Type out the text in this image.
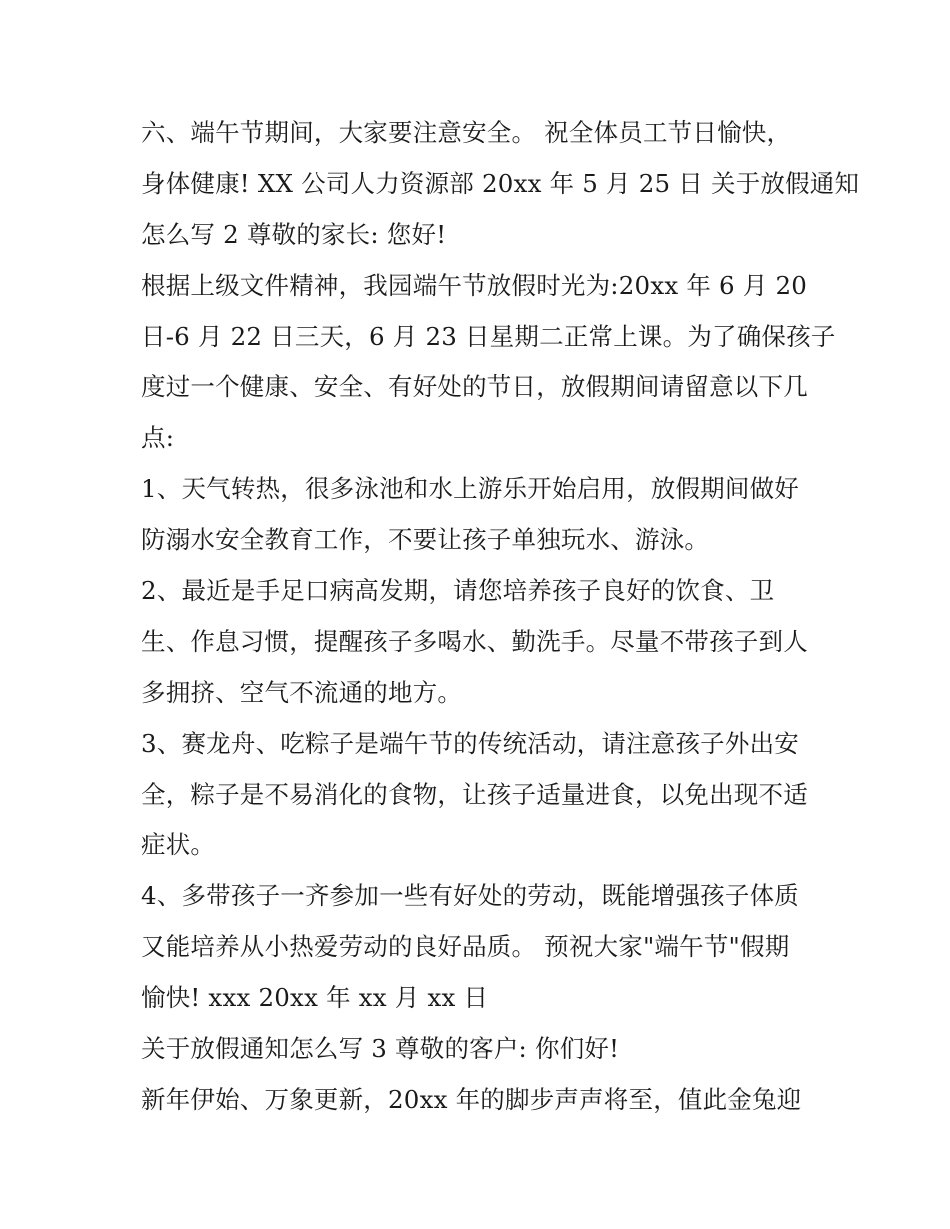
六、端午节期间，大家要注意安全。 祝全体员工节日愉快，
身体健康! XX 公司人力资源部 20xx 年 5 月 25 日 关于放假通知
怎么写 2 尊敬的家长: 您好!
根据上级文件精神，我园端午节放假时光为:20xx 年 6 月 20
日-6 月 22 日三天，6 月 23 日星期二正常上课。为了确保孩子
度过一个健康、安全、有好处的节日，放假期间请留意以下几
点:
1、天气转热，很多泳池和水上游乐开始启用，放假期间做好
防溺水安全教育工作，不要让孩子单独玩水、游泳。
2、最近是手足口病高发期，请您培养孩子良好的饮食、卫
生、作息习惯，提醒孩子多喝水、勤洗手。尽量不带孩子到人
多拥挤、空气不流通的地方。
3、赛龙舟、吃粽子是端午节的传统活动，请注意孩子外出安
全，粽子是不易消化的食物，让孩子适量进食，以免出现不适
症状。
4、多带孩子一齐参加一些有好处的劳动，既能增强孩子体质
又能培养从小热爱劳动的良好品质。 预祝大家"端午节"假期
愉快! xxx 20xx 年 xx 月 xx 日
关于放假通知怎么写 3 尊敬的客户: 你们好!
新年伊始、万象更新，20xx 年的脚步声声将至，值此金兔迎
